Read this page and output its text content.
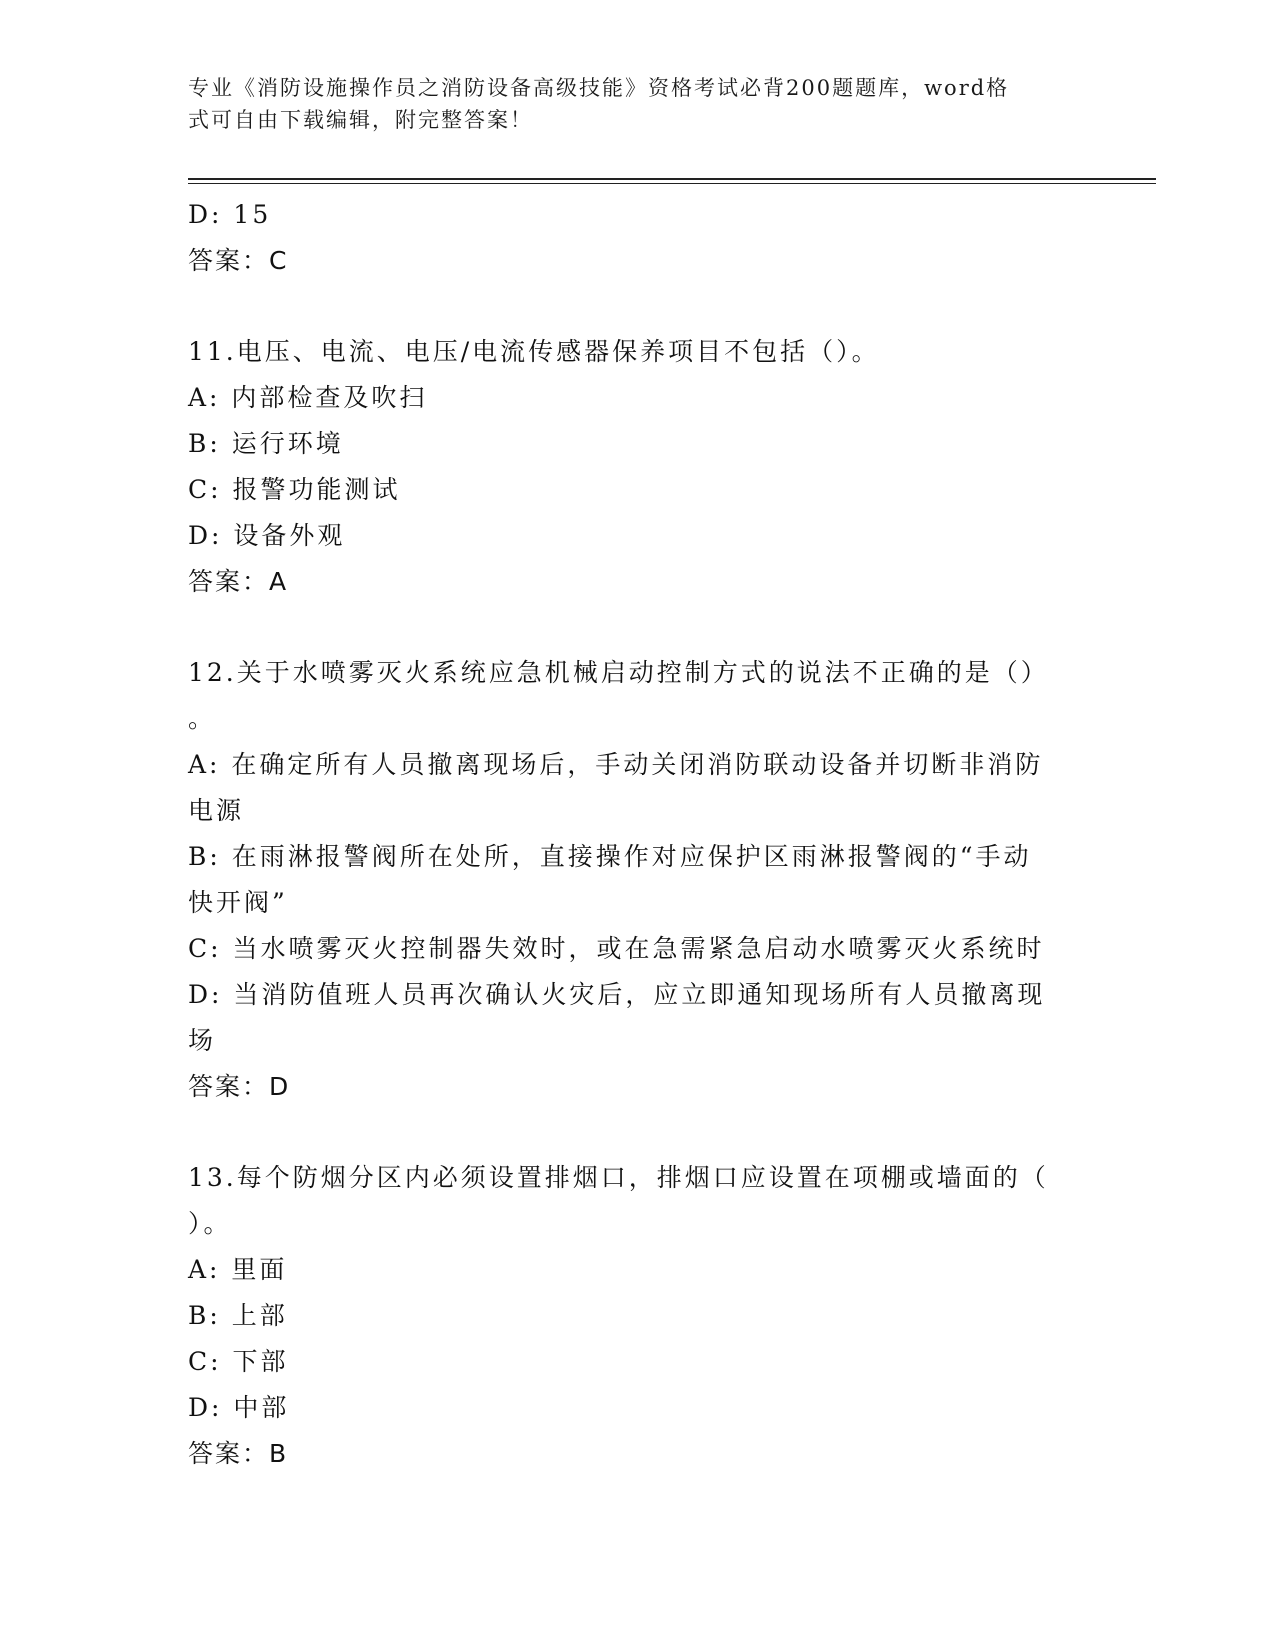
专业《消防设施操作员之消防设备高级技能》资格考试必背200题题库，word格
式可自由下载编辑，附完整答案！

D: 15

答案：C

11.电压、电流、电压/电流传感器保养项目不包括（）。

A: 内部检查及吹扫

B: 运行环境

C: 报警功能测试

D: 设备外观

答案：A

12.关于水喷雾灭火系统应急机械启动控制方式的说法不正确的是（）

。

A: 在确定所有人员撤离现场后，手动关闭消防联动设备并切断非消防

电源

B: 在雨淋报警阀所在处所，直接操作对应保护区雨淋报警阀的“手动

快开阀”

C: 当水喷雾灭火控制器失效时，或在急需紧急启动水喷雾灭火系统时

D: 当消防值班人员再次确认火灾后，应立即通知现场所有人员撤离现

场

答案：D

13.每个防烟分区内必须设置排烟口，排烟口应设置在项棚或墙面的（

）。

A: 里面

B: 上部

C: 下部

D: 中部

答案：B
